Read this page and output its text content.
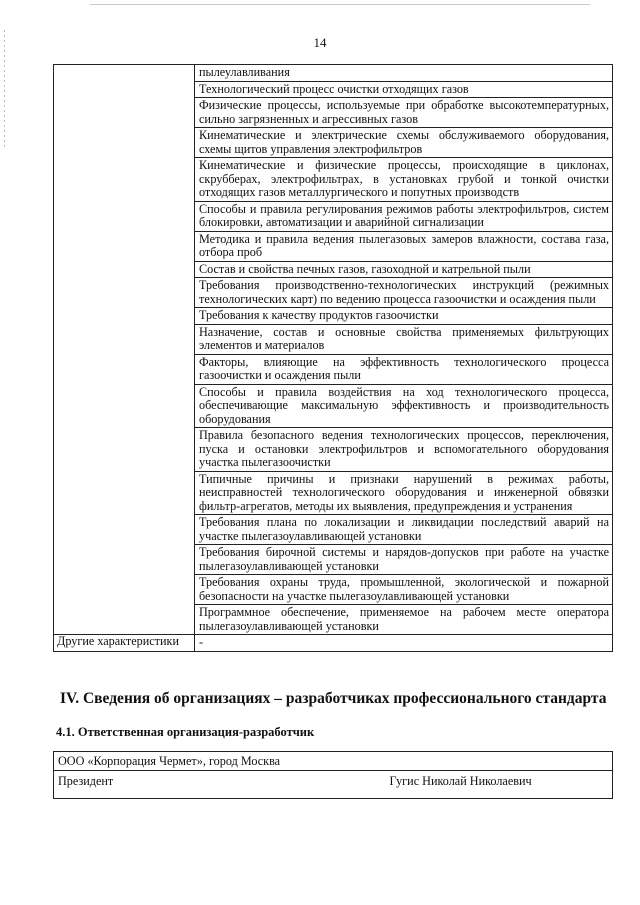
14
	пылеулавливания
	Технологический процесс очистки отходящих газов
	Физические процессы, используемые при обработке высокотемпературных, сильно загрязненных и агрессивных газов
	Кинематические и электрические схемы обслуживаемого оборудования, схемы щитов управления электрофильтров
	Кинематические и физические процессы, происходящие в циклонах, скрубберах, электрофильтрах, в установках грубой и тонкой очистки отходящих газов металлургического и попутных производств
	Способы и правила регулирования режимов работы электрофильтров, систем блокировки, автоматизации и аварийной сигнализации
	Методика и правила ведения пылегазовых замеров влажности, состава газа, отбора проб
	Состав и свойства печных газов, газоходной и катрельной пыли
	Требования производственно-технологических инструкций (режимных технологических карт) по ведению процесса газоочистки и осаждения пыли
	Требования к качеству продуктов газоочистки
	Назначение, состав и основные свойства применяемых фильтрующих элементов и материалов
	Факторы, влияющие на эффективность технологического процесса газоочистки и осаждения пыли
	Способы и правила воздействия на ход технологического процесса, обеспечивающие максимальную эффективность и производительность оборудования
	Правила безопасного ведения технологических процессов, переключения, пуска и остановки электрофильтров и вспомогательного оборудования участка пылегазоочистки
	Типичные причины и признаки нарушений в режимах работы, неисправностей технологического оборудования и инженерной обвязки фильтр-агрегатов, методы их выявления, предупреждения и устранения
	Требования плана по локализации и ликвидации последствий аварий на участке пылегазоулавливающей установки
	Требования бирочной системы и нарядов-допусков при работе на участке пылегазоулавливающей установки
	Требования охраны труда, промышленной, экологической и пожарной безопасности на участке пылегазоулавливающей установки
	Программное обеспечение, применяемое на рабочем месте оператора пылегазоулавливающей установки
Другие характеристики	-
IV. Сведения об организациях – разработчиках профессионального стандарта
4.1. Ответственная организация-разработчик
ООО «Корпорация Чермет», город Москва
Президент	Гугис Николай Николаевич
